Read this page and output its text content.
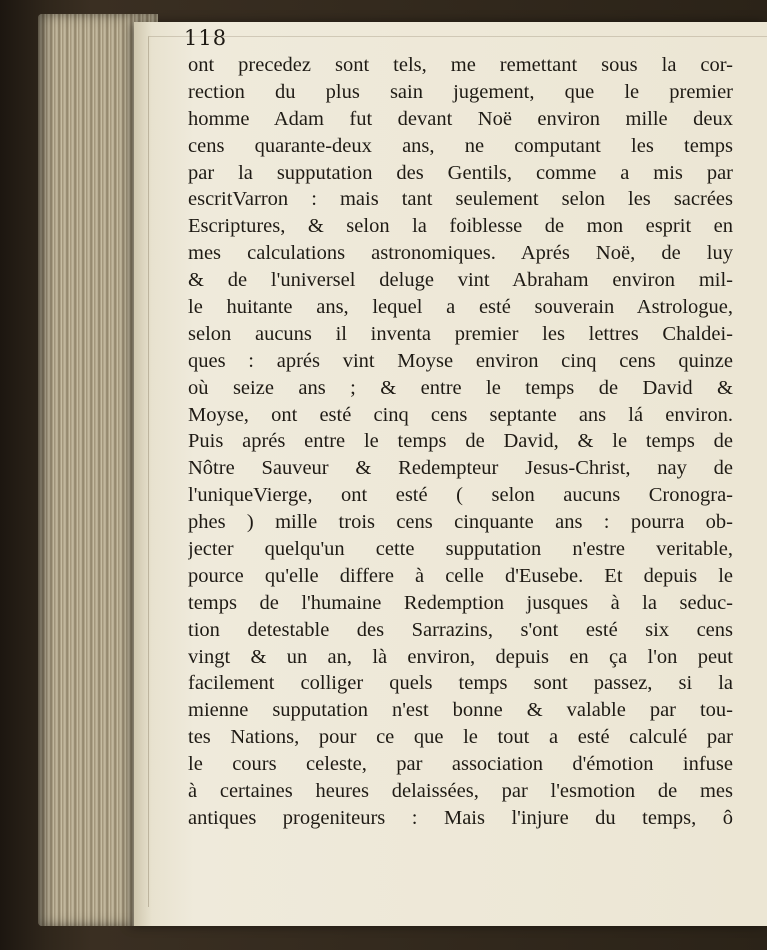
118
ont precedez sont tels, me remettant sous la cor-
rection du plus sain jugement, que le premier
homme Adam fut devant Noë environ mille deux
cens quarante-deux ans, ne computant les temps
par la supputation des Gentils, comme a mis par
escritVarron : mais tant seulement selon les sacrées
Escriptures, & selon la foiblesse de mon esprit en
mes calculations astronomiques. Aprés Noë, de luy
& de l'universel deluge vint Abraham environ mil-
le huitante ans, lequel a esté souverain Astrologue,
selon aucuns il inventa premier les lettres Chaldei-
ques : aprés vint Moyse environ cinq cens quinze
où seize ans ; & entre le temps de David &
Moyse, ont esté cinq cens septante ans lá environ.
Puis aprés entre le temps de David, & le temps de
Nôtre Sauveur & Redempteur Jesus-Christ, nay de
l'uniqueVierge, ont esté ( selon aucuns Cronogra-
phes ) mille trois cens cinquante ans : pourra ob-
jecter quelqu'un cette supputation n'estre veritable,
pource qu'elle differe à celle d'Eusebe. Et depuis le
temps de l'humaine Redemption jusques à la seduc-
tion detestable des Sarrazins, s'ont esté six cens
vingt & un an, là environ, depuis en ça l'on peut
facilement colliger quels temps sont passez, si la
mienne supputation n'est bonne & valable par tou-
tes Nations, pour ce que le tout a esté calculé par
le cours celeste, par association d'émotion infuse
à certaines heures delaissées, par l'esmotion de mes
antiques progeniteurs : Mais l'injure du temps, ô
